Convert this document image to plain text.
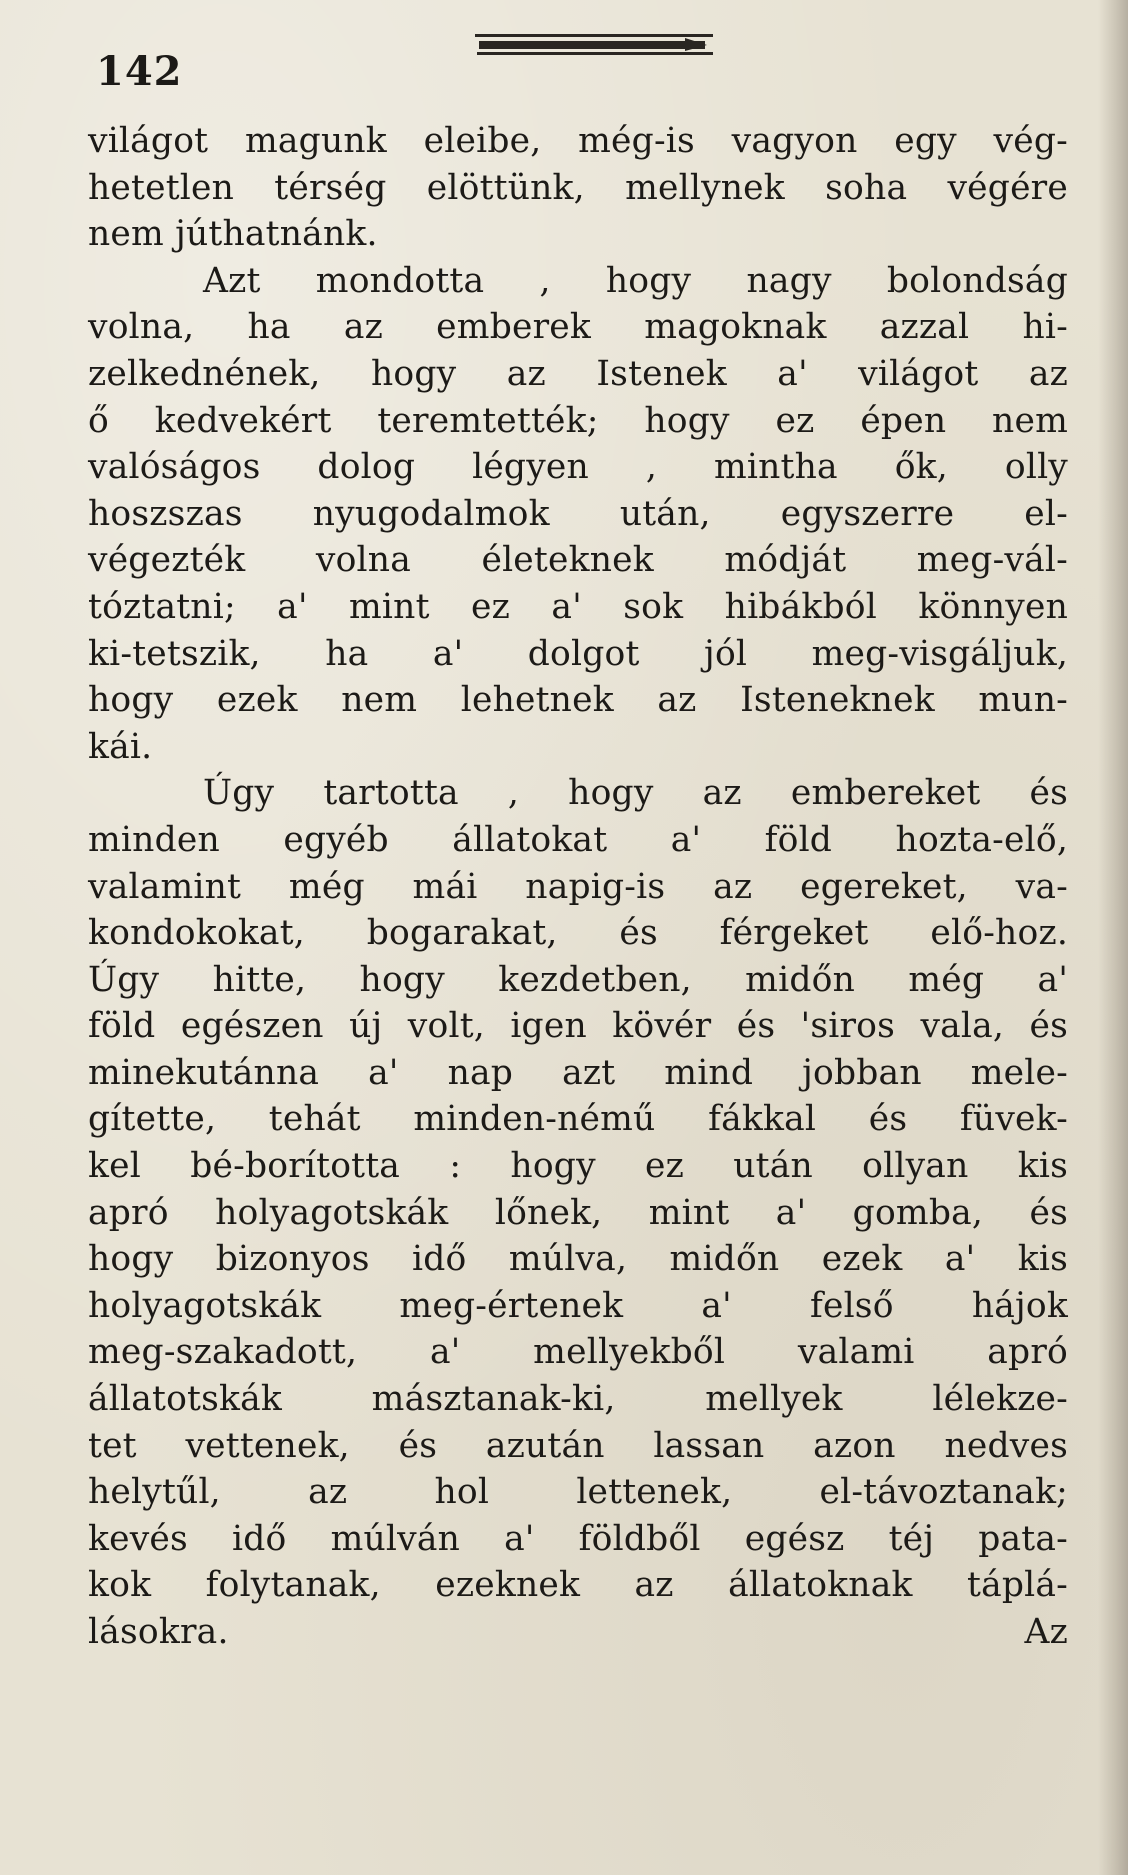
142
világot magunk eleibe, még-is vagyon egy vég-
hetetlen térség elöttünk, mellynek soha végére
nem júthatnánk.
Azt mondotta , hogy nagy bolondság
volna, ha az emberek magoknak azzal hi-
zelkednének, hogy az Istenek a' világot az
ő kedvekért teremtették; hogy ez épen nem
valóságos dolog légyen , mintha ők, olly
hoszszas nyugodalmok után, egyszerre el-
végezték volna életeknek módját meg-vál-
tóztatni; a' mint ez a' sok hibákból könnyen
ki-tetszik, ha a' dolgot jól meg-visgáljuk,
hogy ezek nem lehetnek az Isteneknek mun-
kái.
Úgy tartotta , hogy az embereket és
minden egyéb állatokat a' föld hozta-elő,
valamint még mái napig-is az egereket, va-
kondokokat, bogarakat, és férgeket elő-hoz.
Úgy hitte, hogy kezdetben, midőn még a'
föld egészen új volt, igen kövér és 'siros vala, és
minekutánna a' nap azt mind jobban mele-
gítette, tehát minden-némű fákkal és füvek-
kel bé-borította : hogy ez után ollyan kis
apró holyagotskák lőnek, mint a' gomba, és
hogy bizonyos idő múlva, midőn ezek a' kis
holyagotskák meg-értenek a' felső hájok
meg-szakadott, a' mellyekből valami apró
állatotskák másztanak-ki, mellyek lélekze-
tet vettenek, és azután lassan azon nedves
helytűl, az hol lettenek, el-távoztanak;
kevés idő múlván a' földből egész téj pata-
kok folytanak, ezeknek az állatoknak táplá-
lásokra.	Az
